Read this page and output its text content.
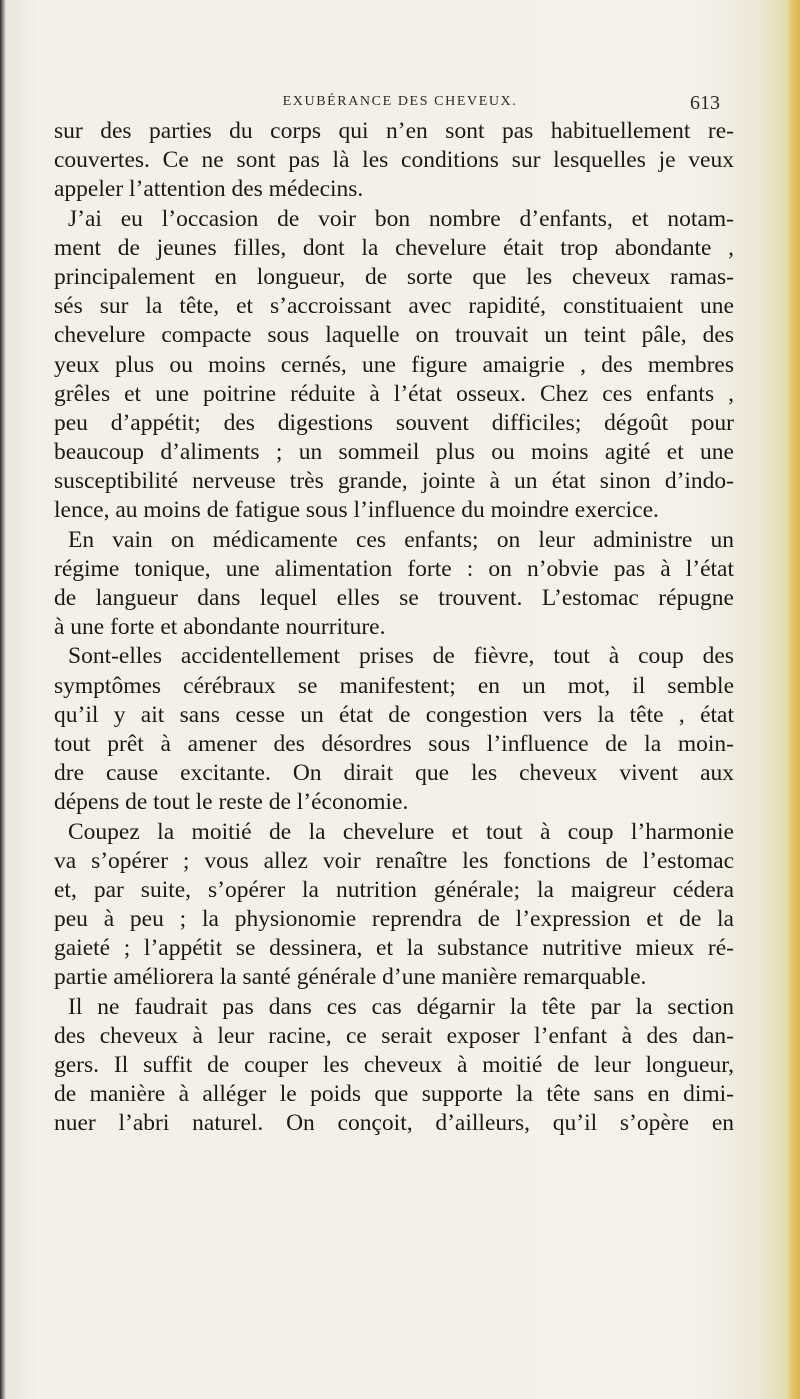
EXUBÉRANCE DES CHEVEUX.	613
sur des parties du corps qui n’en sont pas habituellement re-
couvertes. Ce ne sont pas là les conditions sur lesquelles je veux
appeler l’attention des médecins.
J’ai eu l’occasion de voir bon nombre d’enfants, et notam-
ment de jeunes filles, dont la chevelure était trop abondante ,
principalement en longueur, de sorte que les cheveux ramas-
sés sur la tête, et s’accroissant avec rapidité, constituaient une
chevelure compacte sous laquelle on trouvait un teint pâle, des
yeux plus ou moins cernés, une figure amaigrie , des membres
grêles et une poitrine réduite à l’état osseux. Chez ces enfants ,
peu d’appétit; des digestions souvent difficiles; dégoût pour
beaucoup d’aliments ; un sommeil plus ou moins agité et une
susceptibilité nerveuse très grande, jointe à un état sinon d’indo-
lence, au moins de fatigue sous l’influence du moindre exercice.
En vain on médicamente ces enfants; on leur administre un
régime tonique, une alimentation forte : on n’obvie pas à l’état
de langueur dans lequel elles se trouvent. L’estomac répugne
à une forte et abondante nourriture.
Sont-elles accidentellement prises de fièvre, tout à coup des
symptômes cérébraux se manifestent; en un mot, il semble
qu’il y ait sans cesse un état de congestion vers la tête , état
tout prêt à amener des désordres sous l’influence de la moin-
dre cause excitante. On dirait que les cheveux vivent aux
dépens de tout le reste de l’économie.
Coupez la moitié de la chevelure et tout à coup l’harmonie
va s’opérer ; vous allez voir renaître les fonctions de l’estomac
et, par suite, s’opérer la nutrition générale; la maigreur cédera
peu à peu ; la physionomie reprendra de l’expression et de la
gaieté ; l’appétit se dessinera, et la substance nutritive mieux ré-
partie améliorera la santé générale d’une manière remarquable.
Il ne faudrait pas dans ces cas dégarnir la tête par la section
des cheveux à leur racine, ce serait exposer l’enfant à des dan-
gers. Il suffit de couper les cheveux à moitié de leur longueur,
de manière à alléger le poids que supporte la tête sans en dimi-
nuer l’abri naturel. On conçoit, d’ailleurs, qu’il s’opère en
